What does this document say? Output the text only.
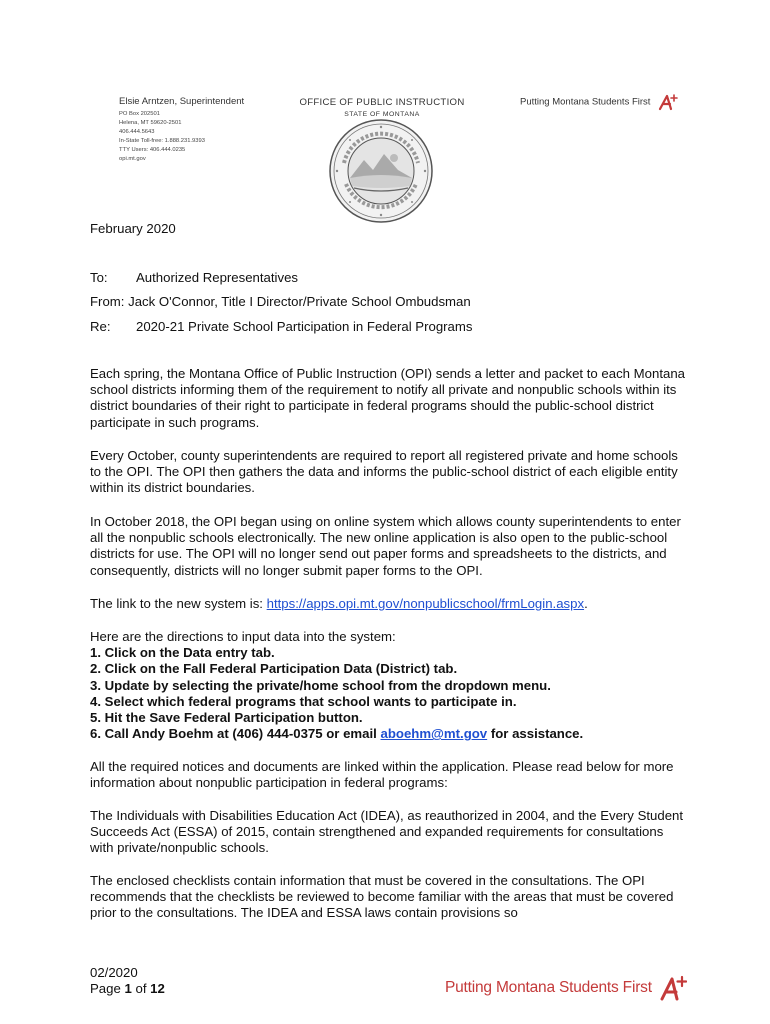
Elsie Arntzen, Superintendent
PO Box 202501
Helena, MT 59620-2501
406.444.5643
In-State Toll-free: 1.888.231.9393
TTY Users: 406.444.0235
opi.mt.gov
OFFICE OF PUBLIC INSTRUCTION
STATE OF MONTANA
Putting Montana Students First
February 2020
To: Authorized Representatives
From: Jack O'Connor, Title I Director/Private School Ombudsman
Re: 2020-21 Private School Participation in Federal Programs
Each spring, the Montana Office of Public Instruction (OPI) sends a letter and packet to each Montana school districts informing them of the requirement to notify all private and nonpublic schools within its district boundaries of their right to participate in federal programs should the public-school district participate in such programs.
Every October, county superintendents are required to report all registered private and home schools to the OPI. The OPI then gathers the data and informs the public-school district of each eligible entity within its district boundaries.
In October 2018, the OPI began using on online system which allows county superintendents to enter all the nonpublic schools electronically. The new online application is also open to the public-school districts for use. The OPI will no longer send out paper forms and spreadsheets to the districts, and consequently, districts will no longer submit paper forms to the OPI.
The link to the new system is: https://apps.opi.mt.gov/nonpublicschool/frmLogin.aspx.
Here are the directions to input data into the system:
1. Click on the Data entry tab.
2. Click on the Fall Federal Participation Data (District) tab.
3. Update by selecting the private/home school from the dropdown menu.
4. Select which federal programs that school wants to participate in.
5. Hit the Save Federal Participation button.
6. Call Andy Boehm at (406) 444-0375 or email aboehm@mt.gov for assistance.
All the required notices and documents are linked within the application. Please read below for more information about nonpublic participation in federal programs:
The Individuals with Disabilities Education Act (IDEA), as reauthorized in 2004, and the Every Student Succeeds Act (ESSA) of 2015, contain strengthened and expanded requirements for consultations with private/nonpublic schools.
The enclosed checklists contain information that must be covered in the consultations. The OPI recommends that the checklists be reviewed to become familiar with the areas that must be covered prior to the consultations. The IDEA and ESSA laws contain provisions so
02/2020
Page 1 of 12	Putting Montana Students First
